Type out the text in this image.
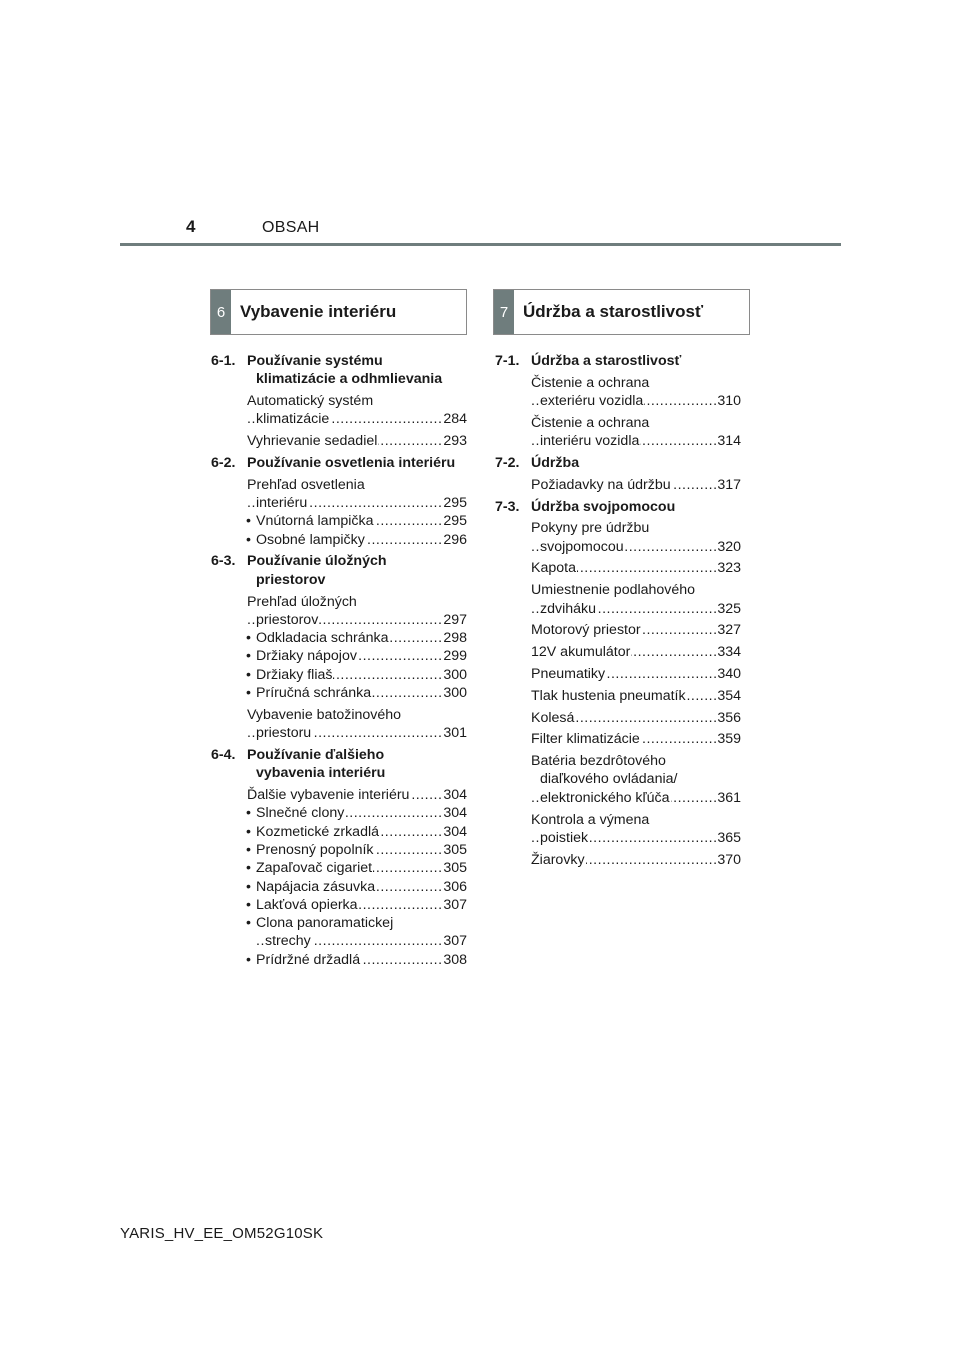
4	OBSAH
6 Vybavenie interiéru	7 Údržba a starostlivosť
6-1. Používanie systému
klimatizácie a odhmlievania
Automatický systém
klimatizácie .....	284
Vyhrievanie sedadiel .....	293
6-2. Používanie osvetlenia interiéru
Prehľad osvetlenia
interiéru .....	295
• Vnútorná lampička .....	295
• Osobné lampičky .....	296
6-3. Používanie úložných
priestorov
Prehľad úložných
priestorov .....	297
• Odkladacia schránka .....	298
• Držiaky nápojov .....	299
• Držiaky fliaš .....	300
• Príručná schránka .....	300
Vybavenie batožinového
priestoru .....	301
6-4. Používanie ďalšieho
vybavenia interiéru
Ďalšie vybavenie interiéru .....	304
• Slnečné clony .....	304
• Kozmetické zrkadlá .....	304
• Prenosný popolník .....	305
• Zapaľovač cigariet .....	305
• Napájacia zásuvka .....	306
• Lakťová opierka .....	307
• Clona panoramatickej
strechy .....	307
• Prídržné držadlá .....	308
7-1. Údržba a starostlivosť
Čistenie a ochrana
exteriéru vozidla .....	310
Čistenie a ochrana
interiéru vozidla .....	314
7-2. Údržba
Požiadavky na údržbu .....	317
7-3. Údržba svojpomocou
Pokyny pre údržbu
svojpomocou .....	320
Kapota .....	323
Umiestnenie podlahového
zdviháku .....	325
Motorový priestor .....	327
12V akumulátor .....	334
Pneumatiky .....	340
Tlak hustenia pneumatík .....	354
Kolesá .....	356
Filter klimatizácie .....	359
Batéria bezdrôtového
diaľkového ovládania/
elektronického kľúča .....	361
Kontrola a výmena
poistiek .....	365
Žiarovky .....	370
YARIS_HV_EE_OM52G10SK
